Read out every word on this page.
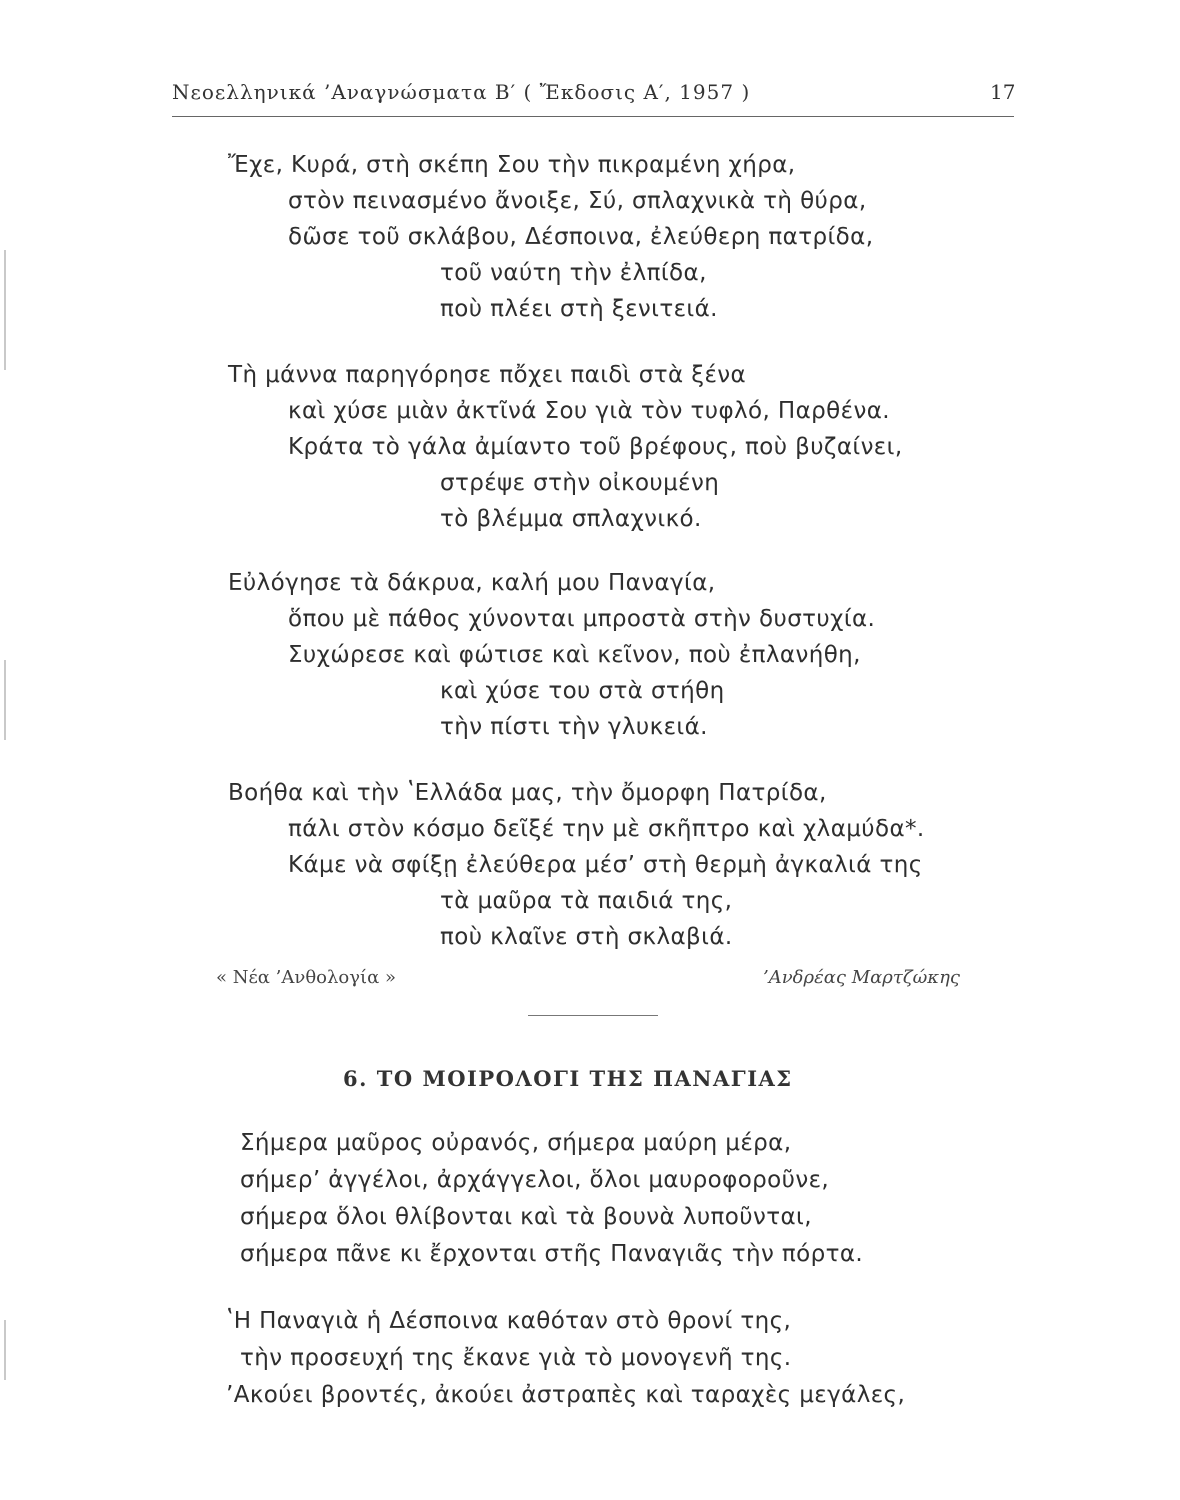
Νεοελληνικά ’Αναγνώσματα Β′ ( Ἔκδοσις Α′, 1957 )	17
Ἔχε, Κυρά, στὴ σκέπη Σου τὴν πικραμένη χήρα,
στὸν πεινασμένο ἄνοιξε, Σύ, σπλαχνικὰ τὴ θύρα,
δῶσε τοῦ σκλάβου, Δέσποινα, ἐλεύθερη πατρίδα,
τοῦ ναύτη τὴν ἐλπίδα,
ποὺ πλέει στὴ ξενιτειά.
Τὴ μάννα παρηγόρησε πὄχει παιδὶ στὰ ξένα
καὶ χύσε μιὰν ἀκτῖνά Σου γιὰ τὸν τυφλό, Παρθένα.
Κράτα τὸ γάλα ἀμίαντο τοῦ βρέφους, ποὺ βυζαίνει,
στρέψε στὴν οἰκουμένη
τὸ βλέμμα σπλαχνικό.
Εὐλόγησε τὰ δάκρυα, καλή μου Παναγία,
ὅπου μὲ πάθος χύνονται μπροστὰ στὴν δυστυχία.
Συχώρεσε καὶ φώτισε καὶ κεῖνον, ποὺ ἐπλανήθη,
καὶ χύσε του στὰ στήθη
τὴν πίστι τὴν γλυκειά.
Βοήθα καὶ τὴν ʽΕλλάδα μας, τὴν ὄμορφη Πατρίδα,
πάλι στὸν κόσμο δεῖξέ την μὲ σκῆπτρο καὶ χλαμύδα*.
Κάμε νὰ σφίξῃ ἐλεύθερα μέσ’ στὴ θερμὴ ἀγκαλιά της
τὰ μαῦρα τὰ παιδιά της,
ποὺ κλαῖνε στὴ σκλαβιά.
« Νέα ’Ανθολογία »	’Ανδρέας Μαρτζώκης
6. ΤΟ ΜΟΙΡΟΛΟΓΙ ΤΗΣ ΠΑΝΑΓΙΑΣ
Σήμερα μαῦρος οὐρανός, σήμερα μαύρη μέρα,
σήμερ’ ἀγγέλοι, ἀρχάγγελοι, ὅλοι μαυροφοροῦνε,
σήμερα ὅλοι θλίβονται καὶ τὰ βουνὰ λυποῦνται,
σήμερα πᾶνε κι ἔρχονται στῆς Παναγιᾶς τὴν πόρτα.
ʽΗ Παναγιὰ ἡ Δέσποινα καθόταν στὸ θρονί της,
τὴν προσευχή της ἔκανε γιὰ τὸ μονογενῆ της.
’Ακούει βροντές, ἀκούει ἀστραπὲς καὶ ταραχὲς μεγάλες,
